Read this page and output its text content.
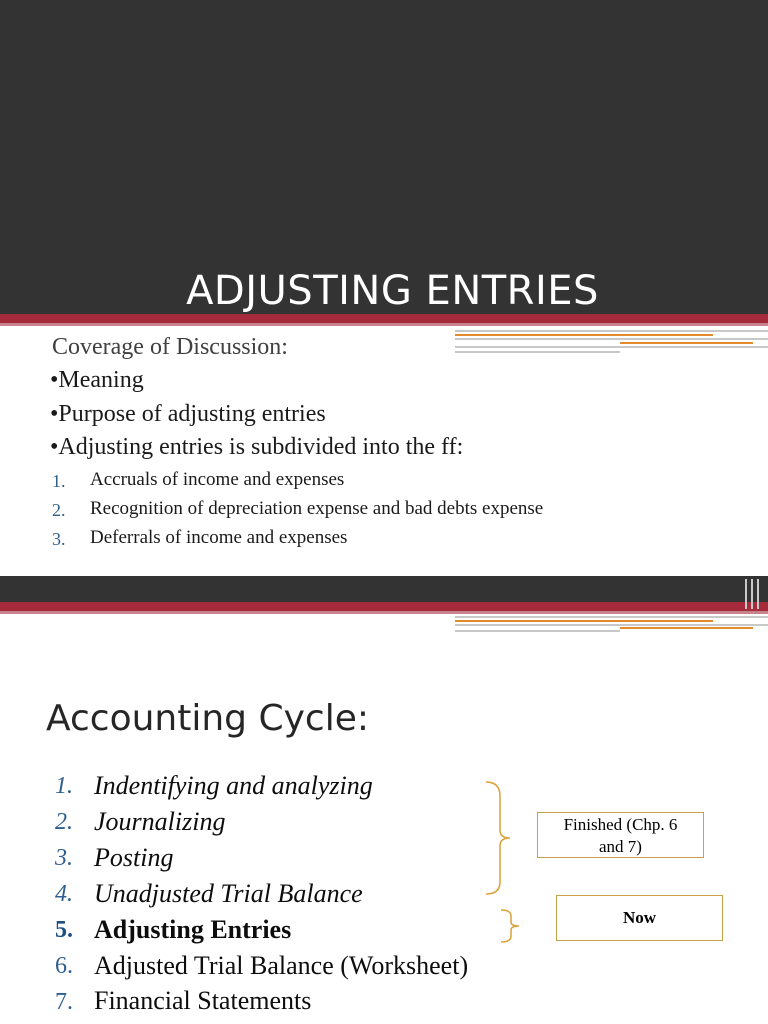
ADJUSTING ENTRIES
Coverage of Discussion:
•Meaning
•Purpose of adjusting entries
•Adjusting entries is subdivided into the ff:
1. Accruals of income and expenses
2. Recognition of depreciation expense and bad debts expense
3. Deferrals of income and expenses
Accounting Cycle:
1. Indentifying and analyzing
2. Journalizing
3. Posting
4. Unadjusted Trial Balance
5. Adjusting Entries
6. Adjusted Trial Balance (Worksheet)
7. Financial Statements
Finished (Chp. 6
and 7)
Now
